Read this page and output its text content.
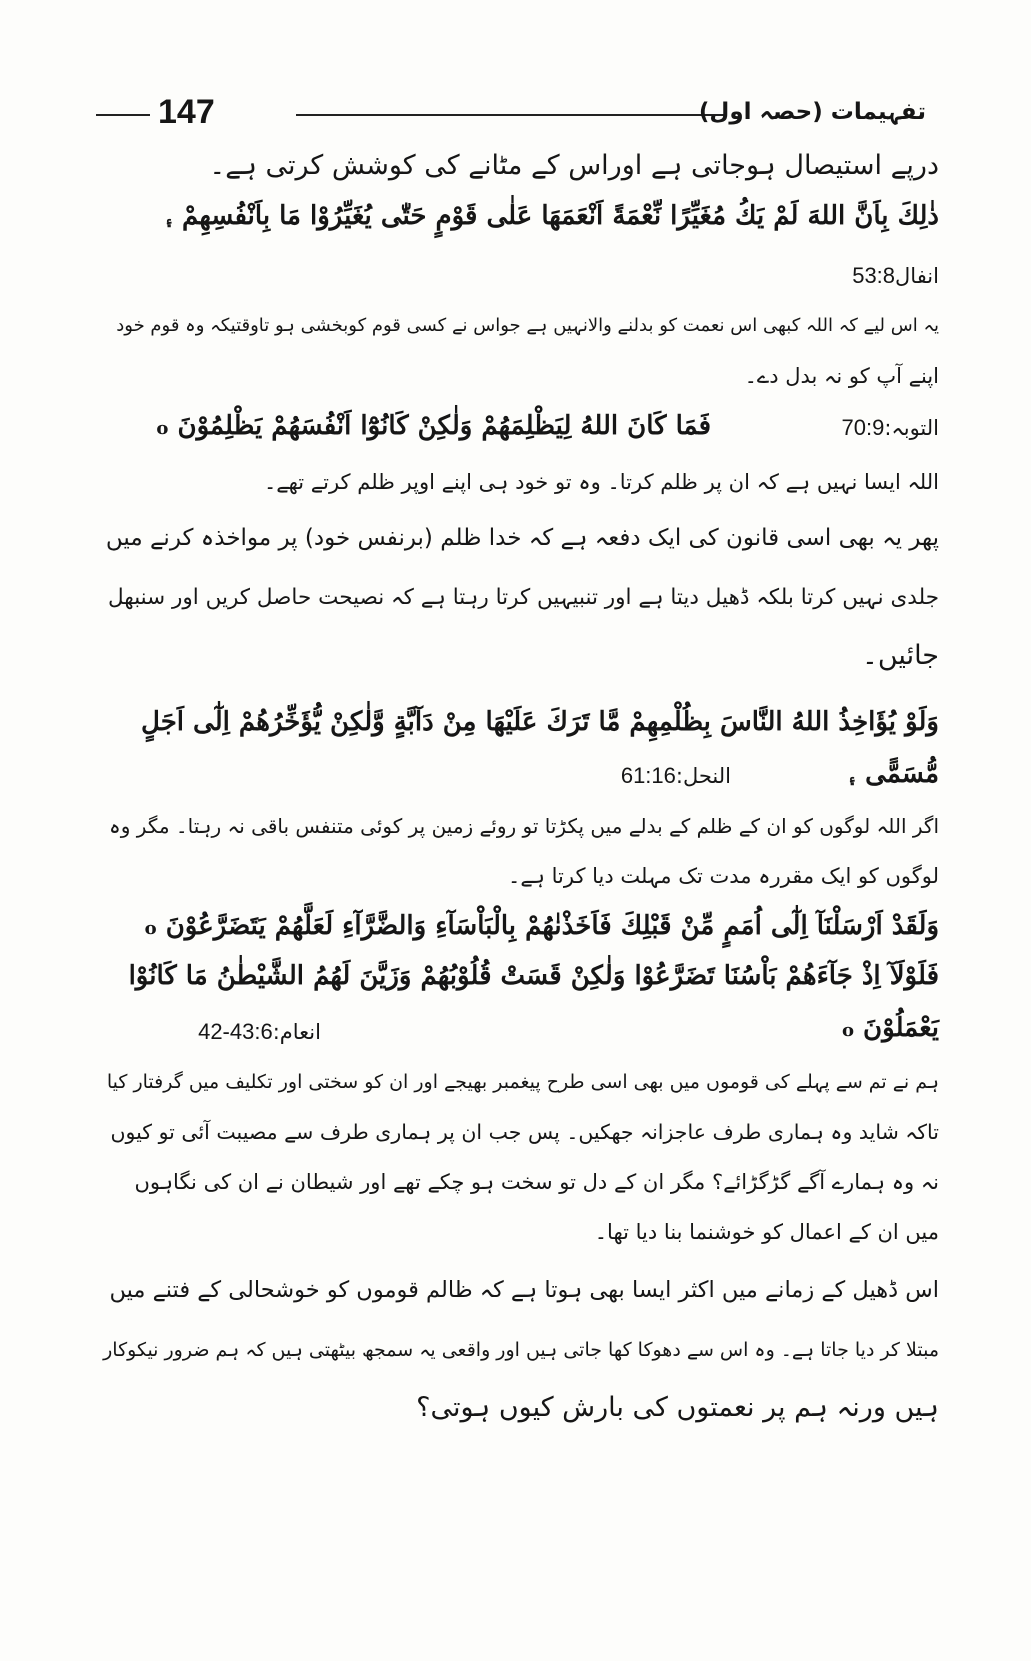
147	تفہیمات (حصہ اول)
درپے استیصال ہوجاتی ہے اوراس کے مٹانے کی کوشش کرتی ہے۔
ذٰلِكَ بِاَنَّ اللهَ لَمْ يَكُ مُغَيِّرًا نِّعْمَةً اَنْعَمَهَا عَلٰى قَوْمٍ حَتّٰى يُغَيِّرُوْا مَا بِاَنْفُسِهِمْ ۽
انفال53:8
یہ اس لیے کہ اللہ کبھی اس نعمت کو بدلنے والانہیں ہے جواس نے کسی قوم کوبخشی ہو تاوقتیکہ وہ قوم خود
اپنے آپ کو نہ بدل دے۔
فَمَا كَانَ اللهُ لِيَظْلِمَهُمْ وَلٰكِنْ كَانُوْٓا اَنْفُسَهُمْ يَظْلِمُوْنَ o	التوبہ:70:9
اللہ ایسا نہیں ہے کہ ان پر ظلم کرتا۔ وہ تو خود ہی اپنے اوپر ظلم کرتے تھے۔
پھر یہ بھی اسی قانون کی ایک دفعہ ہے کہ خدا ظلم (برنفس خود) پر مواخذہ کرنے میں
جلدی نہیں کرتا بلکہ ڈھیل دیتا ہے اور تنبیہیں کرتا رہتا ہے کہ نصیحت حاصل کریں اور سنبھل
جائیں۔
وَلَوْ يُؤَاخِذُ اللهُ النَّاسَ بِظُلْمِهِمْ مَّا تَرَكَ عَلَيْهَا مِنْ دَآبَّةٍ وَّلٰكِنْ يُّؤَخِّرُهُمْ اِلٰٓى اَجَلٍ
مُّسَمًّى ۽
النحل:61:16
اگر اللہ لوگوں کو ان کے ظلم کے بدلے میں پکڑتا تو روئے زمین پر کوئی متنفس باقی نہ رہتا۔ مگر وہ
لوگوں کو ایک مقررہ مدت تک مہلت دیا کرتا ہے۔
وَلَقَدْ اَرْسَلْنَآ اِلٰٓى اُمَمٍ مِّنْ قَبْلِكَ فَاَخَذْنٰهُمْ بِالْبَاْسَآءِ وَالضَّرَّآءِ لَعَلَّهُمْ يَتَضَرَّعُوْنَ o
فَلَوْلَآ اِذْ جَآءَهُمْ بَاْسُنَا تَضَرَّعُوْا وَلٰكِنْ قَسَتْ قُلُوْبُهُمْ وَزَيَّنَ لَهُمُ الشَّيْطٰنُ مَا كَانُوْا
يَعْمَلُوْنَ o
انعام:42-43:6
ہم نے تم سے پہلے کی قوموں میں بھی اسی طرح پیغمبر بھیجے اور ان کو سختی اور تکلیف میں گرفتار کیا
تاکہ شاید وہ ہماری طرف عاجزانہ جھکیں۔ پس جب ان پر ہماری طرف سے مصیبت آئی تو کیوں
نہ وہ ہمارے آگے گڑگڑائے؟ مگر ان کے دل تو سخت ہو چکے تھے اور شیطان نے ان کی نگاہوں
میں ان کے اعمال کو خوشنما بنا دیا تھا۔
اس ڈھیل کے زمانے میں اکثر ایسا بھی ہوتا ہے کہ ظالم قوموں کو خوشحالی کے فتنے میں
مبتلا کر دیا جاتا ہے۔ وہ اس سے دھوکا کھا جاتی ہیں اور واقعی یہ سمجھ بیٹھتی ہیں کہ ہم ضرور نیکوکار
ہیں ورنہ ہم پر نعمتوں کی بارش کیوں ہوتی؟
